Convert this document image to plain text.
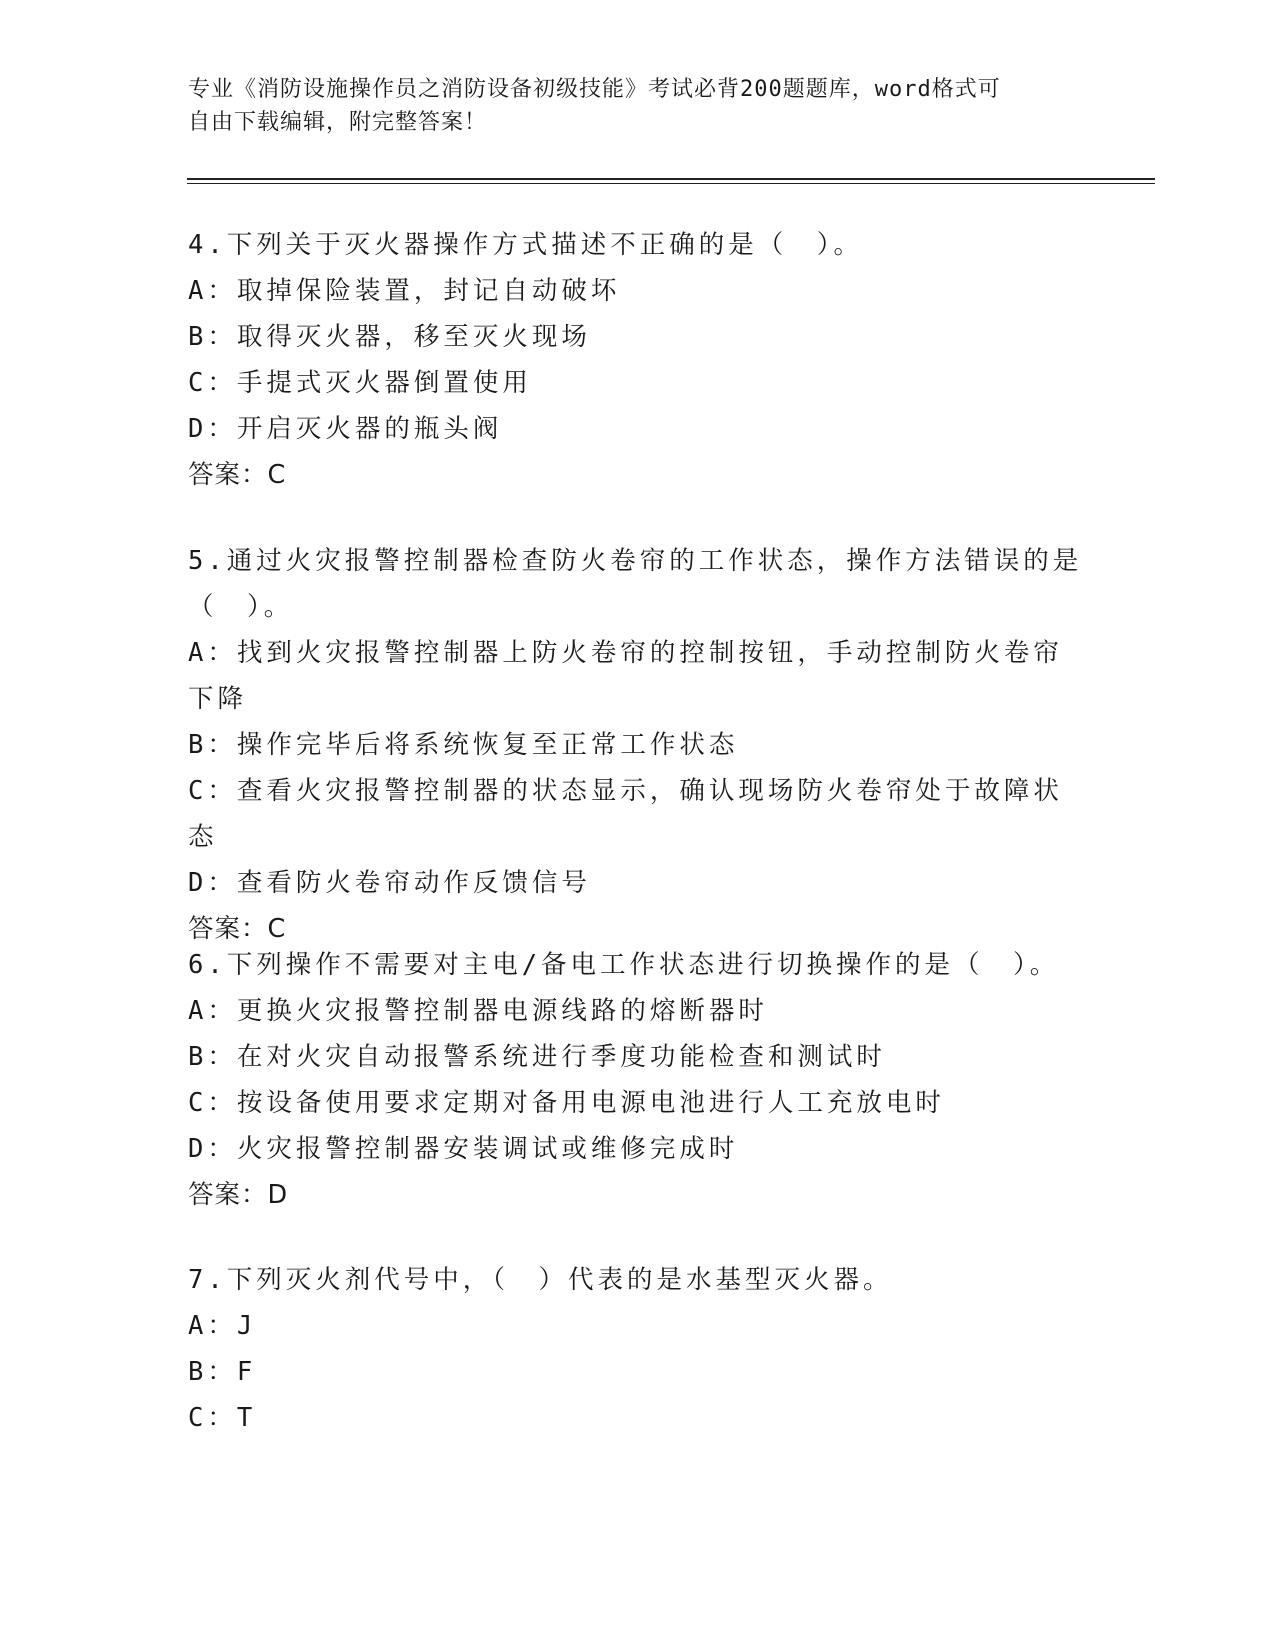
专业《消防设施操作员之消防设备初级技能》考试必背200题题库，word格式可
自由下载编辑，附完整答案！
4.下列关于灭火器操作方式描述不正确的是（　）。
A：取掉保险装置，封记自动破坏
B：取得灭火器，移至灭火现场
C：手提式灭火器倒置使用
D：开启灭火器的瓶头阀
答案：C
5.通过火灾报警控制器检查防火卷帘的工作状态，操作方法错误的是（　）。
A：找到火灾报警控制器上防火卷帘的控制按钮，手动控制防火卷帘下降
B：操作完毕后将系统恢复至正常工作状态
C：查看火灾报警控制器的状态显示，确认现场防火卷帘处于故障状态
D：查看防火卷帘动作反馈信号
答案：C
6.下列操作不需要对主电/备电工作状态进行切换操作的是（　）。
A：更换火灾报警控制器电源线路的熔断器时
B：在对火灾自动报警系统进行季度功能检查和测试时
C：按设备使用要求定期对备用电源电池进行人工充放电时
D：火灾报警控制器安装调试或维修完成时
答案：D
7.下列灭火剂代号中，（　）代表的是水基型灭火器。
A：J
B：F
C：T
